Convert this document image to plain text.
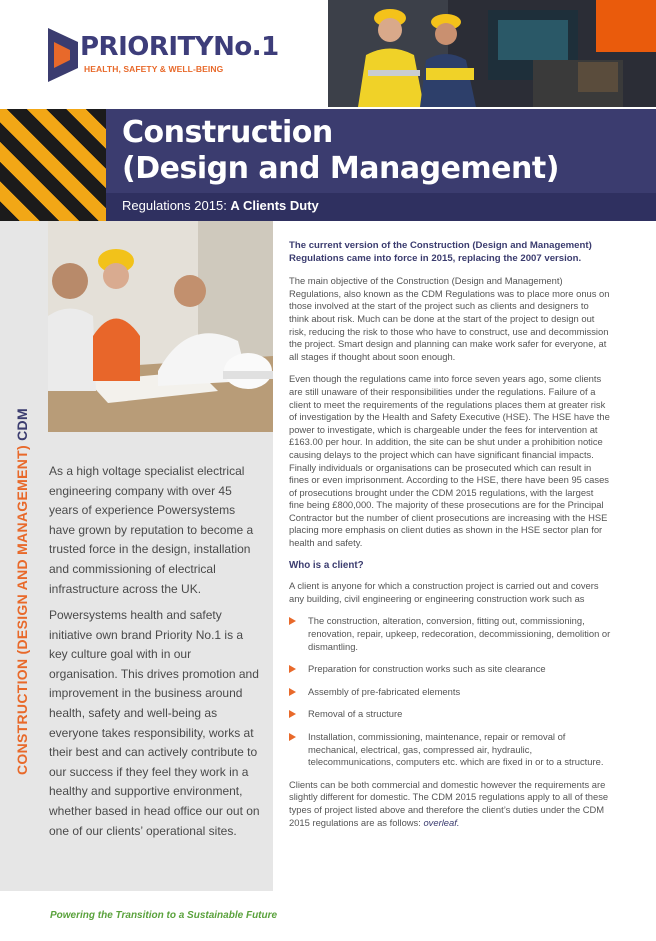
PRIORITYNo.1
HEALTH, SAFETY & WELL-BEING
Construction
(Design and Management)
Regulations 2015: A Clients Duty
CONSTRUCTION (DESIGN AND MANAGEMENT) CDM

As a high voltage specialist electrical engineering company with over 45 years of experience Powersystems have grown by reputation to become a trusted force in the design, installation and commissioning of electrical infrastructure across the UK.

Powersystems health and safety initiative own brand Priority No.1 is a key culture goal with in our organisation. This drives promotion and improvement in the business around health, safety and well-being as everyone takes responsibility, works at their best and can actively contribute to our success if they feel they work in a healthy and supportive environment, whether based in head office our out on one of our clients’ operational sites.

The current version of the Construction (Design and Management) Regulations came into force in 2015, replacing the 2007 version.

The main objective of the Construction (Design and Management) Regulations, also known as the CDM Regulations was to place more onus on those involved at the start of the project such as clients and designers to think about risk. Much can be done at the start of the project to design out risk, reducing the risk to those who have to construct, use and decommission the project. Smart design and planning can make work safer for everyone, at all stages if thought about soon enough.

Even though the regulations came into force seven years ago, some clients are still unaware of their responsibilities under the regulations. Failure of a client to meet the requirements of the regulations places them at greater risk of investigation by the Health and Safety Executive (HSE). The HSE have the power to investigate, which is chargeable under the fees for intervention at £163.00 per hour. In addition, the site can be shut under a prohibition notice causing delays to the project which can have significant financial impacts. Finally individuals or organisations can be prosecuted which can result in fines or even imprisonment. According to the HSE, there have been 95 cases of prosecutions brought under the CDM 2015 regulations, with the largest fine being £800,000. The majority of these prosecutions are for the Principal Contractor but the number of client prosecutions are increasing with the HSE placing more emphasis on client duties as shown in the HSE sector plan for health and safety.

Who is a client?

A client is anyone for which a construction project is carried out and covers any building, civil engineering or engineering construction work such as

The construction, alteration, conversion, fitting out, commissioning, renovation, repair, upkeep, redecoration, decommissioning, demolition or dismantling.
Preparation for construction works such as site clearance
Assembly of pre-fabricated elements
Removal of a structure
Installation, commissioning, maintenance, repair or removal of mechanical, electrical, gas, compressed air, hydraulic, telecommunications, computers etc. which are fixed in or to a structure.

Clients can be both commercial and domestic however the requirements are slightly different for domestic. The CDM 2015 regulations apply to all of these types of project listed above and therefore the client’s duties under the CDM 2015 regulations are as follows: overleaf.

Powering the Transition to a Sustainable Future
